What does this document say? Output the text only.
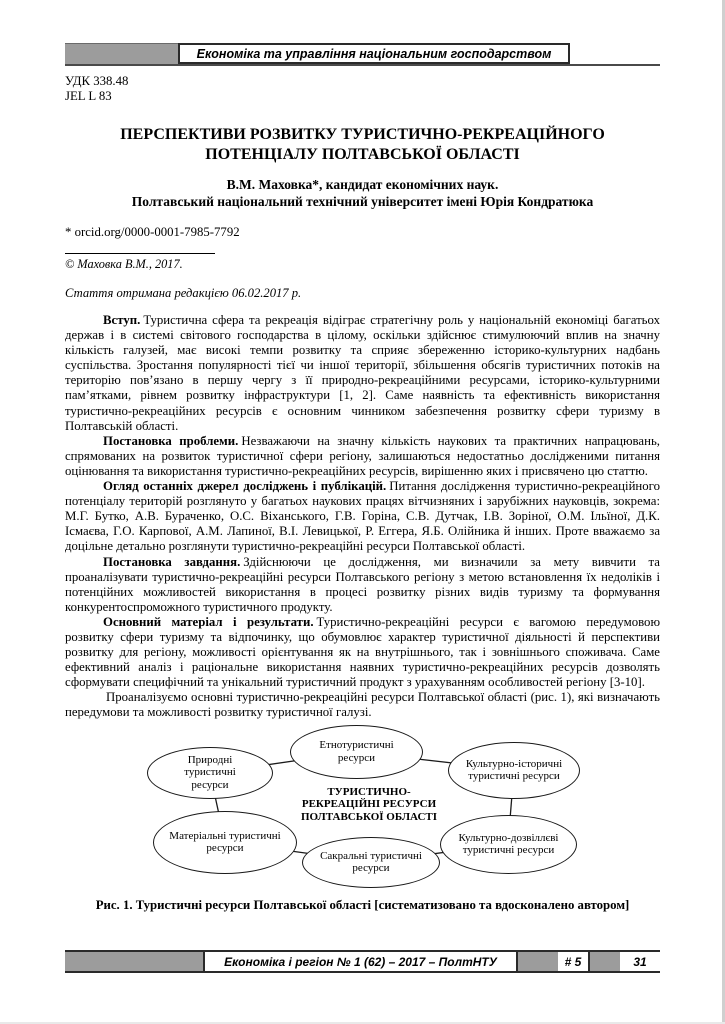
Економіка та управління національним господарством
УДК 338.48
JEL L 83
ПЕРСПЕКТИВИ РОЗВИТКУ ТУРИСТИЧНО-РЕКРЕАЦІЙНОГО ПОТЕНЦІАЛУ ПОЛТАВСЬКОЇ ОБЛАСТІ
В.М. Маховка*, кандидат економічних наук.
Полтавський національний технічний університет імені Юрія Кондратюка
* orcid.org/0000-0001-7985-7792
© Маховка В.М., 2017.
Стаття отримана редакцією 06.02.2017 р.

Вступ. Туристична сфера та рекреація відіграє стратегічну роль у національній економіці багатьох держав і в системі світового господарства в цілому, оскільки здійснює стимулюючий вплив на значну кількість галузей, має високі темпи розвитку та сприяє збереженню історико-культурних надбань суспільства. Зростання популярності тієї чи іншої території, збільшення обсягів туристичних потоків на територію пов’язано в першу чергу з її природно-рекреаційними ресурсами, історико-культурними пам’ятками, рівнем розвитку інфраструктури [1, 2]. Саме наявність та ефективність використання туристично-рекреаційних ресурсів є основним чинником забезпечення розвитку сфери туризму в Полтавській області.

Постановка проблеми. Незважаючи на значну кількість наукових та практичних напрацювань, спрямованих на розвиток туристичної сфери регіону, залишаються недостатньо дослідженими питання оцінювання та використання туристично-рекреаційних ресурсів, вирішенню яких і присвячено цю статтю.

Огляд останніх джерел досліджень і публікацій. Питання дослідження туристично-рекреаційного потенціалу територій розглянуто у багатьох наукових працях вітчизняних і зарубіжних науковців, зокрема: М.Г. Бутко, А.В. Бураченко, О.С. Віханського, Г.В. Горіна, С.В. Дутчак, І.В. Зоріної, О.М. Ільїної, Д.К. Ісмаєва, Г.О. Карпової, А.М. Лапиної, В.І. Левицької, Р. Еггера, Я.Б. Олійника й інших. Проте вважаємо за доцільне детально розглянути туристично-рекреаційні ресурси Полтавської області.

Постановка завдання. Здійснюючи це дослідження, ми визначили за мету вивчити та проаналізувати туристично-рекреаційні ресурси Полтавського регіону з метою встановлення їх недоліків і потенційних можливостей використання в процесі розвитку різних видів туризму та формування конкурентоспроможного туристичного продукту.

Основний матеріал і результати. Туристично-рекреаційні ресурси є вагомою передумовою розвитку сфери туризму та відпочинку, що обумовлює характер туристичної діяльності й перспективи розвитку для регіону, можливості орієнтування як на внутрішнього, так і зовнішнього споживача. Саме ефективний аналіз і раціональне використання наявних туристично-рекреаційних ресурсів дозволять сформувати специфічний та унікальний туристичний продукт з урахуванням особливостей регіону [3-10].

Проаналізуємо основні туристично-рекреаційні ресурси Полтавської області (рис. 1), які визначають передумови та можливості розвитку туристичної галузі.

Природні туристичні ресурси
Етнотуристичні ресурси	Культурно-історичні туристичні ресурси
Матеріальні туристичні ресурси
Сакральні туристичні ресурси
Культурно-дозвіллєві туристичні ресурси
ТУРИСТИЧНО-РЕКРЕАЦІЙНІ РЕСУРСИ ПОЛТАВСЬКОЇ ОБЛАСТІ
Рис. 1. Туристичні ресурси Полтавської області [систематизовано та вдосконалено автором]
Економіка і регіон № 1 (62) – 2017 – ПолтНТУ	# 5	31
